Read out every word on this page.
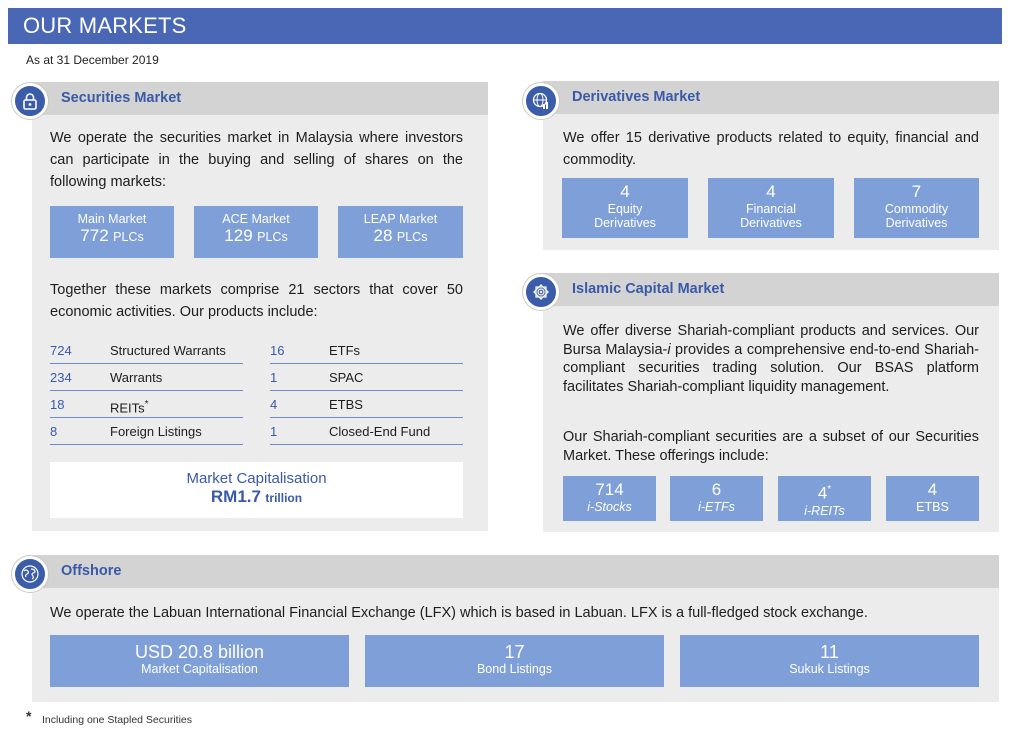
OUR MARKETS
As at 31 December 2019
Securities Market
We operate the securities market in Malaysia where investors can participate in the buying and selling of shares on the following markets:
Main Market
772 PLCs
ACE Market
129 PLCs
LEAP Market
28 PLCs
Together these markets comprise 21 sectors that cover 50 economic activities. Our products include:
724	Structured Warrants
234	Warrants
18	REITs*
8	Foreign Listings
16	ETFs
1	SPAC
4	ETBS
1	Closed-End Fund
Market Capitalisation
RM1.7 trillion
Derivatives Market
We offer 15 derivative products related to equity, financial and commodity.
4
Equity
Derivatives
4
Financial
Derivatives
7
Commodity
Derivatives
Islamic Capital Market
We offer diverse Shariah-compliant products and services. Our Bursa Malaysia-i provides a comprehensive end-to-end Shariah-compliant securities trading solution. Our BSAS platform facilitates Shariah-compliant liquidity management.
Our Shariah-compliant securities are a subset of our Securities Market. These offerings include:
714
i-Stocks
6
i-ETFs
4*
i-REITs
4
ETBS
Offshore
We operate the Labuan International Financial Exchange (LFX) which is based in Labuan. LFX is a full-fledged stock exchange.
USD 20.8 billion
Market Capitalisation
17
Bond Listings
11
Sukuk Listings
* Including one Stapled Securities
